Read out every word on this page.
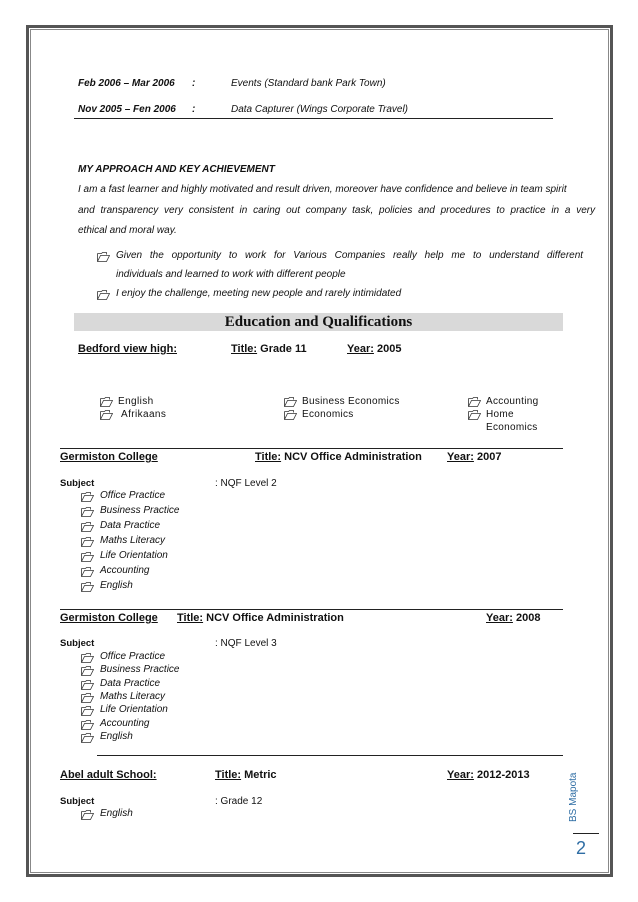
Feb 2006 – Mar 2006 :	Events (Standard bank Park Town)
Nov 2005 – Fen 2006 :	Data Capturer (Wings Corporate Travel)
MY APPROACH AND KEY ACHIEVEMENT
I am a fast learner and highly motivated and result driven, moreover have confidence and believe in team spirit
and transparency very consistent in caring out company task, policies and procedures to practice in a very
ethical and moral way.
Given the opportunity to work for Various Companies really help me to understand different
individuals and learned to work with different people
I enjoy the challenge, meeting new people and rarely intimidated
Education and Qualifications
Bedford view high:	Title: Grade 11	Year: 2005
English
Afrikaans
Business Economics
Economics
Accounting
Home
Economics
Germiston College	Title: NCV Office Administration Year: 2007
Subject	: NQF Level 2
Office Practice
Business Practice
Data Practice
Maths Literacy
Life Orientation
Accounting
English
Germiston College Title: NCV Office Administration	Year: 2008
Subject	: NQF Level 3
Office Practice
Business Practice
Data Practice
Maths Literacy
Life Orientation
Accounting
English
Abel adult School:	Title: Metric	Year: 2012-2013
Subject	: Grade 12
English	BS Mapota
2
